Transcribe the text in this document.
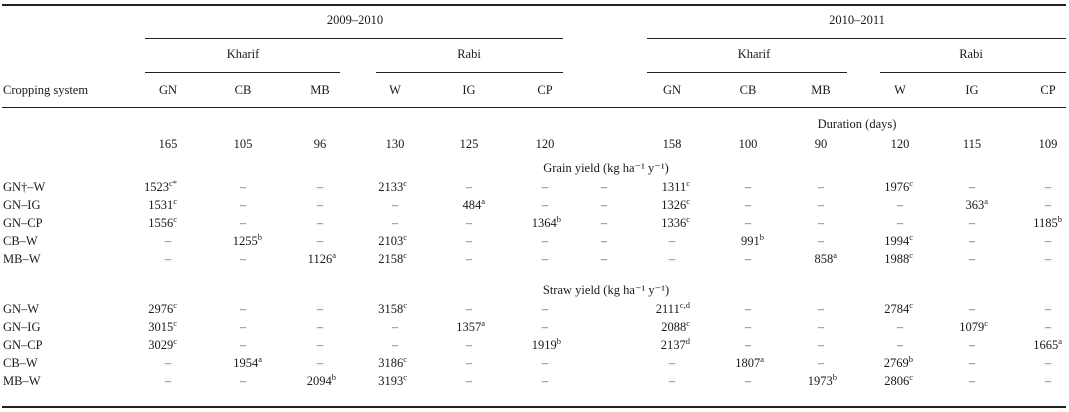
2009–2010	2010–2011
Kharif	Rabi	Kharif	Rabi
Cropping system	GN	CB	MB	W	IG	CP	GN	CB	MB	W	IG	CP
Duration (days)
165	105	96	130	125	120	158	100	90	120	115	109
Grain yield (kg ha⁻¹ y⁻¹)
GN†–W	$1523^{c*}$	–	–	2133$^c$	–	–	–	1311$^c$	–	–	1976$^c$	–	–
GN–IG	1531$^c$	–	–	–	484$^a$	–	–	1326$^c$	–	–	–	363$^a$	–
GN–CP	1556$^c$	–	–	–	–	1364$^b$	–	1336$^c$	–	–	–	–	1185$^b$
CB–W	–	1255$^b$	–	2103$^c$	–	–	–	–	991$^b$	–	1994$^c$	–	–
MB–W	–	–	1126$^a$	2158$^c$	–	–	–	–	–	858$^a$	1988$^c$	–	–
Straw yield (kg ha⁻¹ y⁻¹)
GN–W	2976$^c$	–	–	3158$^c$	–	–	2111$^{c,d}$	–	–	2784$^c$	–	–
GN–IG	3015$^c$	–	–	–	1357$^a$	–	2088$^c$	–	–	–	1079$^c$	–
GN–CP	3029$^c$	–	–	–	–	1919$^b$	2137$^d$	–	–	–	–	1665$^a$
CB–W	–	1954$^a$	–	3186$^c$	–	–	–	1807$^a$	–	2769$^b$	–	–
MB–W	–	–	2094$^b$	3193$^c$	–	–	–	–	1973$^b$	2806$^c$	–	–
